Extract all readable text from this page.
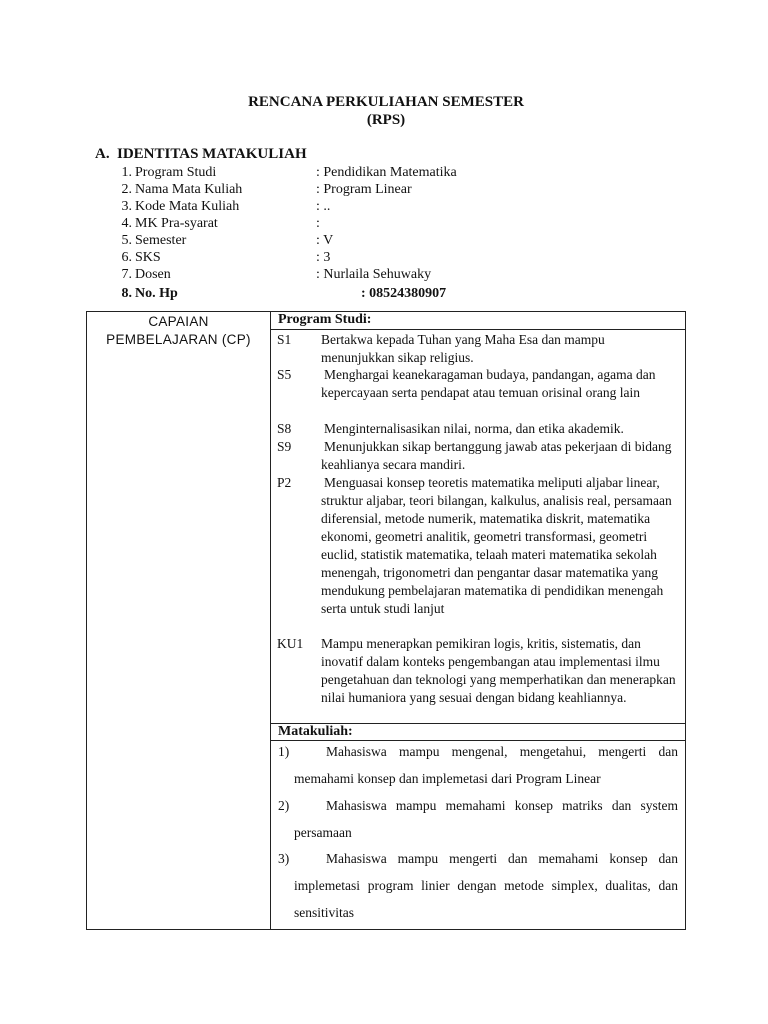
RENCANA PERKULIAHAN SEMESTER
(RPS)
A. IDENTITAS MATAKULIAH
1. Program Studi	: Pendidikan Matematika
2. Nama Mata Kuliah	: Program Linear
3. Kode Mata Kuliah	: ..
4. MK Pra-syarat	:
5. Semester	: V
6. SKS	: 3
7. Dosen	: Nurlaila Sehuwaky
8. No. Hp	: 08524380907
CAPAIAN
PEMBELAJARAN (CP)
Program Studi:
S1 Bertakwa kepada Tuhan yang Maha Esa dan mampu menunjukkan sikap religius.
S5 Menghargai keanekaragaman budaya, pandangan, agama dan kepercayaan serta pendapat atau temuan orisinal orang lain
S8 Menginternalisasikan nilai, norma, dan etika akademik.
S9 Menunjukkan sikap bertanggung jawab atas pekerjaan di bidang keahlianya secara mandiri.
P2 Menguasai konsep teoretis matematika meliputi aljabar linear, struktur aljabar, teori bilangan, kalkulus, analisis real, persamaan diferensial, metode numerik, matematika diskrit, matematika ekonomi, geometri analitik, geometri transformasi, geometri euclid, statistik matematika, telaah materi matematika sekolah menengah, trigonometri dan pengantar dasar matematika yang mendukung pembelajaran matematika di pendidikan menengah serta untuk studi lanjut
KU1 Mampu menerapkan pemikiran logis, kritis, sistematis, dan inovatif dalam konteks pengembangan atau implementasi ilmu pengetahuan dan teknologi yang memperhatikan dan menerapkan nilai humaniora yang sesuai dengan bidang keahliannya.
Matakuliah:
1)	Mahasiswa mampu mengenal, mengetahui, mengerti dan memahami konsep dan implemetasi dari Program Linear
2)	Mahasiswa mampu memahami konsep matriks dan system persamaan
3)	Mahasiswa mampu mengerti dan memahami konsep dan implemetasi program linier dengan metode simplex, dualitas, dan sensitivitas
